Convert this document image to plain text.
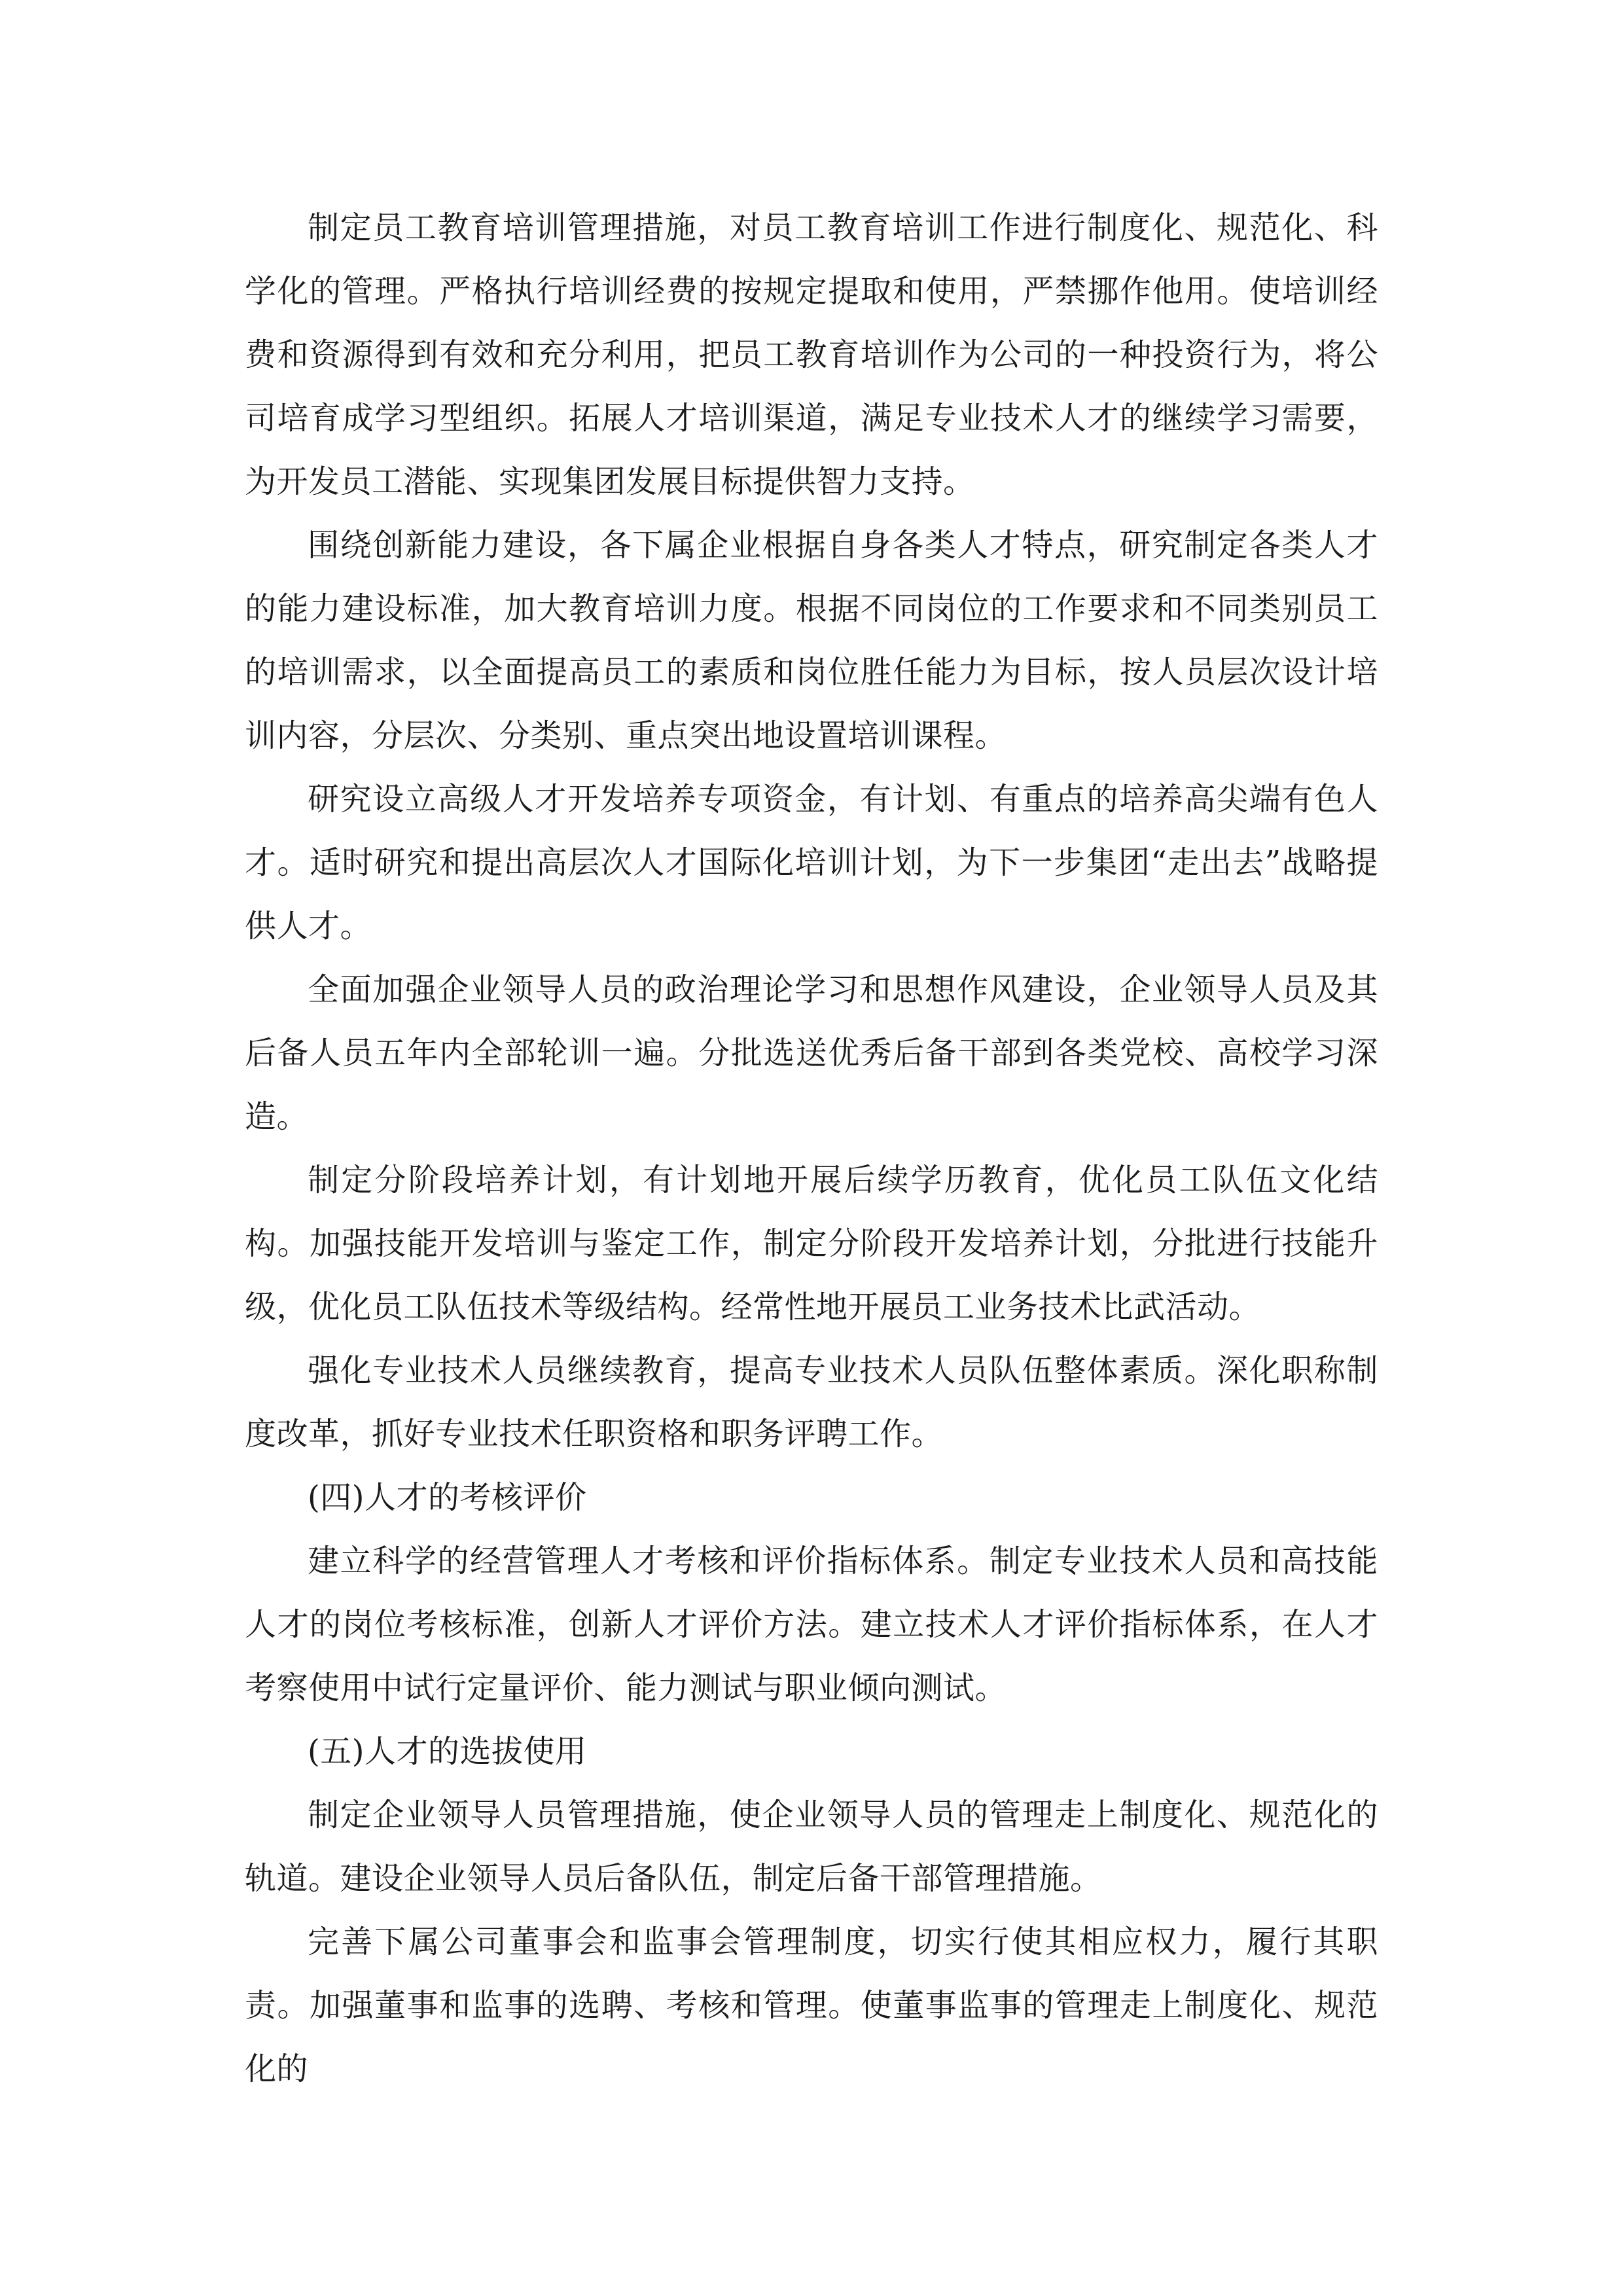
制定员工教育培训管理措施，对员工教育培训工作进行制度化、规范化、科学化的管理。严格执行培训经费的按规定提取和使用，严禁挪作他用。使培训经费和资源得到有效和充分利用，把员工教育培训作为公司的一种投资行为，将公司培育成学习型组织。拓展人才培训渠道，满足专业技术人才的继续学习需要，为开发员工潜能、实现集团发展目标提供智力支持。

围绕创新能力建设，各下属企业根据自身各类人才特点，研究制定各类人才的能力建设标准，加大教育培训力度。根据不同岗位的工作要求和不同类别员工的培训需求，以全面提高员工的素质和岗位胜任能力为目标，按人员层次设计培训内容，分层次、分类别、重点突出地设置培训课程。

研究设立高级人才开发培养专项资金，有计划、有重点的培养高尖端有色人才。适时研究和提出高层次人才国际化培训计划，为下一步集团“走出去”战略提供人才。

全面加强企业领导人员的政治理论学习和思想作风建设，企业领导人员及其后备人员五年内全部轮训一遍。分批选送优秀后备干部到各类党校、高校学习深造。

制定分阶段培养计划，有计划地开展后续学历教育，优化员工队伍文化结构。加强技能开发培训与鉴定工作，制定分阶段开发培养计划，分批进行技能升级，优化员工队伍技术等级结构。经常性地开展员工业务技术比武活动。

强化专业技术人员继续教育，提高专业技术人员队伍整体素质。深化职称制度改革，抓好专业技术任职资格和职务评聘工作。

(四)人才的考核评价

建立科学的经营管理人才考核和评价指标体系。制定专业技术人员和高技能人才的岗位考核标准，创新人才评价方法。建立技术人才评价指标体系，在人才考察使用中试行定量评价、能力测试与职业倾向测试。

(五)人才的选拔使用

制定企业领导人员管理措施，使企业领导人员的管理走上制度化、规范化的轨道。建设企业领导人员后备队伍，制定后备干部管理措施。

完善下属公司董事会和监事会管理制度，切实行使其相应权力，履行其职责。加强董事和监事的选聘、考核和管理。使董事监事的管理走上制度化、规范化的
